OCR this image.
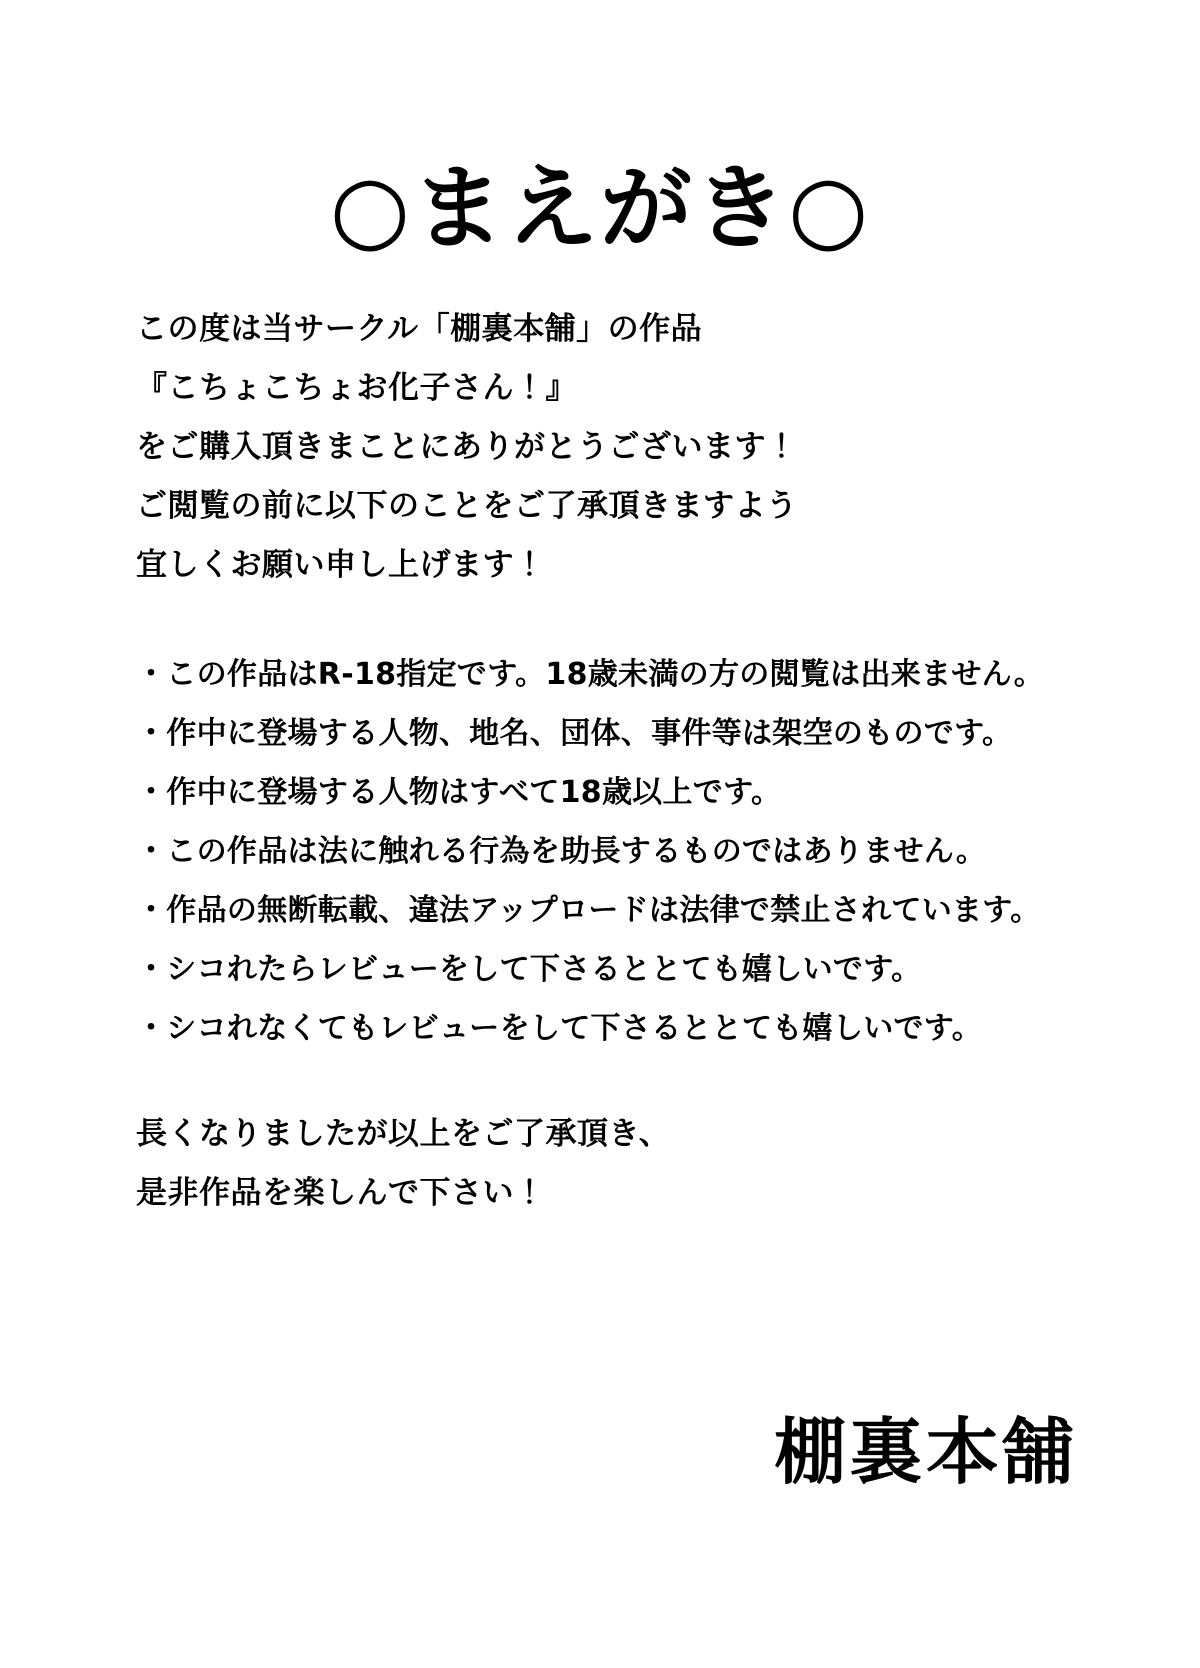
○まえがき○
この度は当サークル「棚裏本舗」の作品
『こちょこちょお化子さん！』
をご購入頂きまことにありがとうございます！
ご閲覧の前に以下のことをご了承頂きますよう
宜しくお願い申し上げます！
・この作品はR-18指定です。18歳未満の方の閲覧は出来ません。
・作中に登場する人物、地名、団体、事件等は架空のものです。
・作中に登場する人物はすべて18歳以上です。
・この作品は法に触れる行為を助長するものではありません。
・作品の無断転載、違法アップロードは法律で禁止されています。
・シコれたらレビューをして下さるととても嬉しいです。
・シコれなくてもレビューをして下さるととても嬉しいです。
長くなりましたが以上をご了承頂き、
是非作品を楽しんで下さい！
棚裏本舗
